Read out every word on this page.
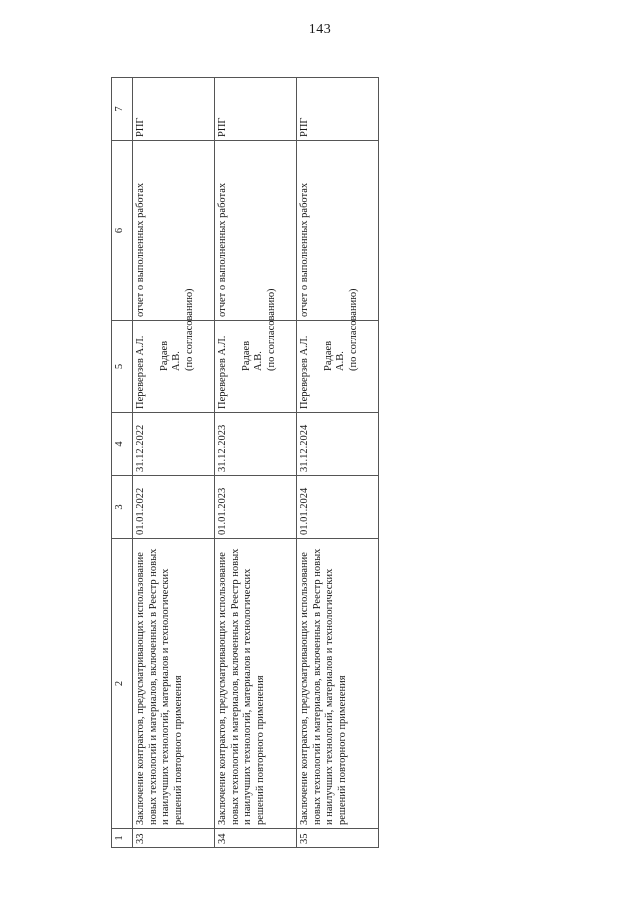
143
1	2	3	4	5	6	7
33	Заключение контрактов, предусматривающих использование новых технологий и материалов, включенных в Реестр новых и наилучших технологий, материалов и технологических решений повторного применения	01.01.2022	31.12.2022	Переверзев А.Л. Радаев А.В. (по согласованию)	отчет о выполненных работах	РПГ
34	Заключение контрактов, предусматривающих использование новых технологий и материалов, включенных в Реестр новых и наилучших технологий, материалов и технологических решений повторного применения	01.01.2023	31.12.2023	Переверзев А.Л. Радаев А.В. (по согласованию)	отчет о выполненных работах	РПГ
35	Заключение контрактов, предусматривающих использование новых технологий и материалов, включенных в Реестр новых и наилучших технологий, материалов и технологических решений повторного применения	01.01.2024	31.12.2024	Переверзев А.Л. Радаев А.В. (по согласованию)	отчет о выполненных работах	РПГ
